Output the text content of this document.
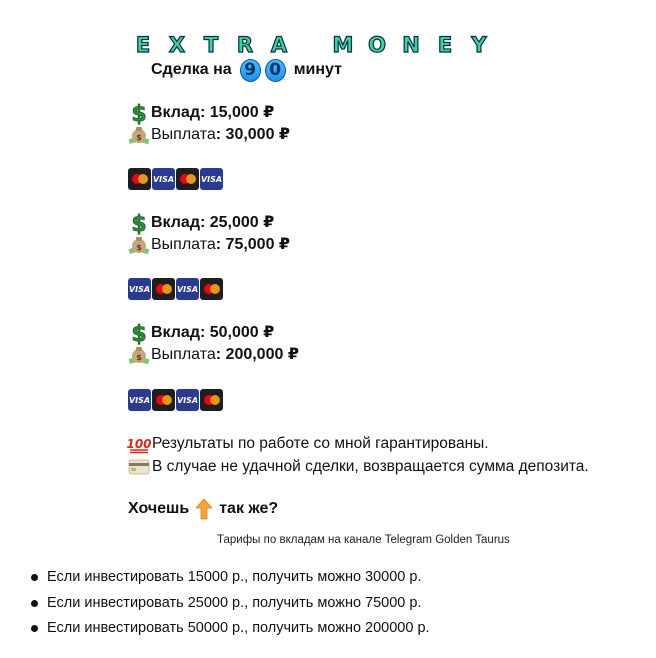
E X T R A M O N E Y
Сделка на 9 0 минут
$ Вклад: 15,000 ₽
$ Выплата : 30,000 ₽
VISA	VISA
$ Вклад: 25,000 ₽
$ Выплата : 75,000 ₽
VISA	VISA
$ Вклад: 50,000 ₽
$ Выплата : 200,000 ₽
VISA	VISA
100 Результаты по работе со мной гарантированы.
В случае не удачной сделки, возвращается сумма депозита.
Хочешь так же?
Тарифы по вкладам на канале Telegram Golden Taurus
Если инвестировать 15000 р., получить можно 30000 р.
Если инвестировать 25000 р., получить можно 75000 р.
Если инвестировать 50000 р., получить можно 200000 р.
